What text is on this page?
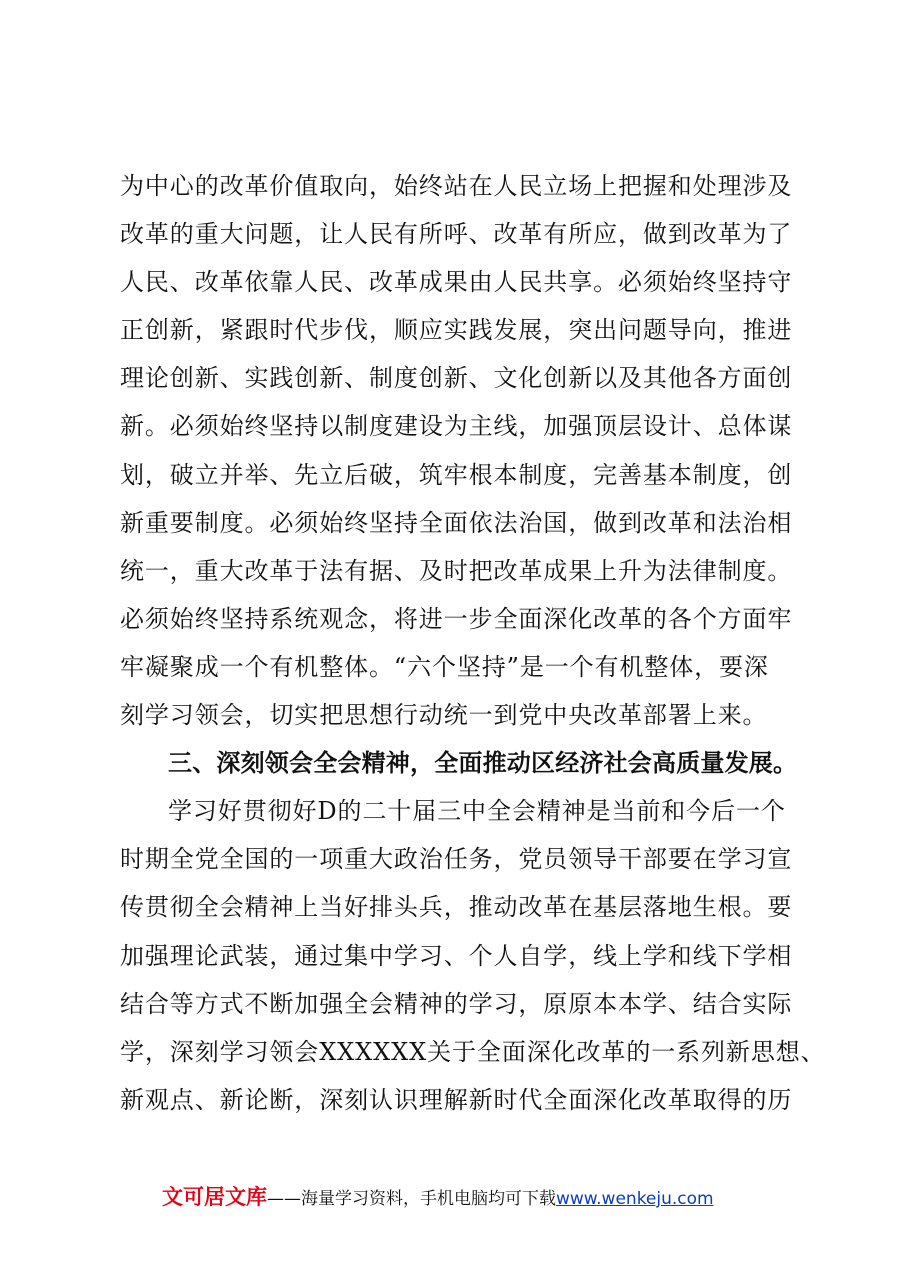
为中心的改革价值取向，始终站在人民立场上把握和处理涉及
改革的重大问题，让人民有所呼、改革有所应，做到改革为了
人民、改革依靠人民、改革成果由人民共享。必须始终坚持守
正创新，紧跟时代步伐，顺应实践发展，突出问题导向，推进
理论创新、实践创新、制度创新、文化创新以及其他各方面创
新。必须始终坚持以制度建设为主线，加强顶层设计、总体谋
划，破立并举、先立后破，筑牢根本制度，完善基本制度，创
新重要制度。必须始终坚持全面依法治国，做到改革和法治相
统一，重大改革于法有据、及时把改革成果上升为法律制度。
必须始终坚持系统观念，将进一步全面深化改革的各个方面牢
牢凝聚成一个有机整体。“六个坚持”是一个有机整体，要深
刻学习领会，切实把思想行动统一到党中央改革部署上来。
三、深刻领会全会精神，全面推动区经济社会高质量发展。
学习好贯彻好D的二十届三中全会精神是当前和今后一个
时期全党全国的一项重大政治任务，党员领导干部要在学习宣
传贯彻全会精神上当好排头兵，推动改革在基层落地生根。要
加强理论武装，通过集中学习、个人自学，线上学和线下学相
结合等方式不断加强全会精神的学习，原原本本学、结合实际
学，深刻学习领会XXXXXX关于全面深化改革的一系列新思想、
新观点、新论断，深刻认识理解新时代全面深化改革取得的历
文可居文库——海量学习资料，手机电脑均可下载www.wenkeju.com
